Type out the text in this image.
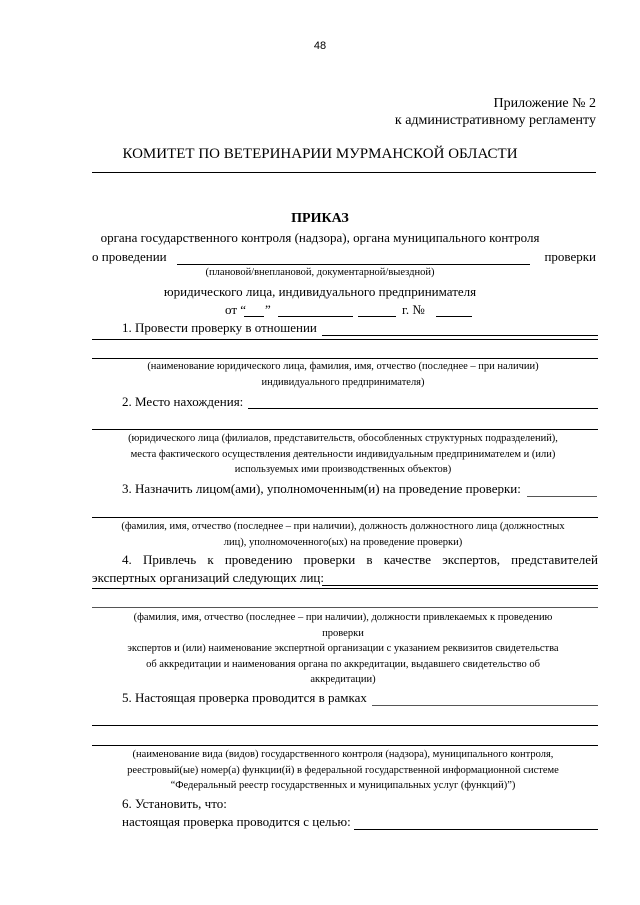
48
Приложение № 2
к административному регламенту
КОМИТЕТ ПО ВЕТЕРИНАРИИ МУРМАНСКОЙ ОБЛАСТИ
ПРИКАЗ
органа государственного контроля (надзора), органа муниципального контроля
о проведении	проверки
(плановой/внеплановой, документарной/выездной)
юридического лица, индивидуального предпринимателя
от “ ”	г. №
1. Провести проверку в отношении
(наименование юридического лица, фамилия, имя, отчество (последнее – при наличии)
индивидуального предпринимателя)
2. Место нахождения:
(юридического лица (филиалов, представительств, обособленных структурных подразделений),
места фактического осуществления деятельности индивидуальным предпринимателем и (или)
используемых ими производственных объектов)
3. Назначить лицом(ами), уполномоченным(и) на проведение проверки:
(фамилия, имя, отчество (последнее – при наличии), должность должностного лица (должностных
лиц), уполномоченного(ых) на проведение проверки)
4. Привлечь к проведению проверки в качестве экспертов, представителей
экспертных организаций следующих лиц:
(фамилия, имя, отчество (последнее – при наличии), должности привлекаемых к проведению
проверки
экспертов и (или) наименование экспертной организации с указанием реквизитов свидетельства
об аккредитации и наименования органа по аккредитации, выдавшего свидетельство об
аккредитации)
5. Настоящая проверка проводится в рамках
(наименование вида (видов) государственного контроля (надзора), муниципального контроля,
реестровый(ые) номер(а) функции(й) в федеральной государственной информационной системе
“Федеральный реестр государственных и муниципальных услуг (функций)”)
6. Установить, что:
настоящая проверка проводится с целью:
